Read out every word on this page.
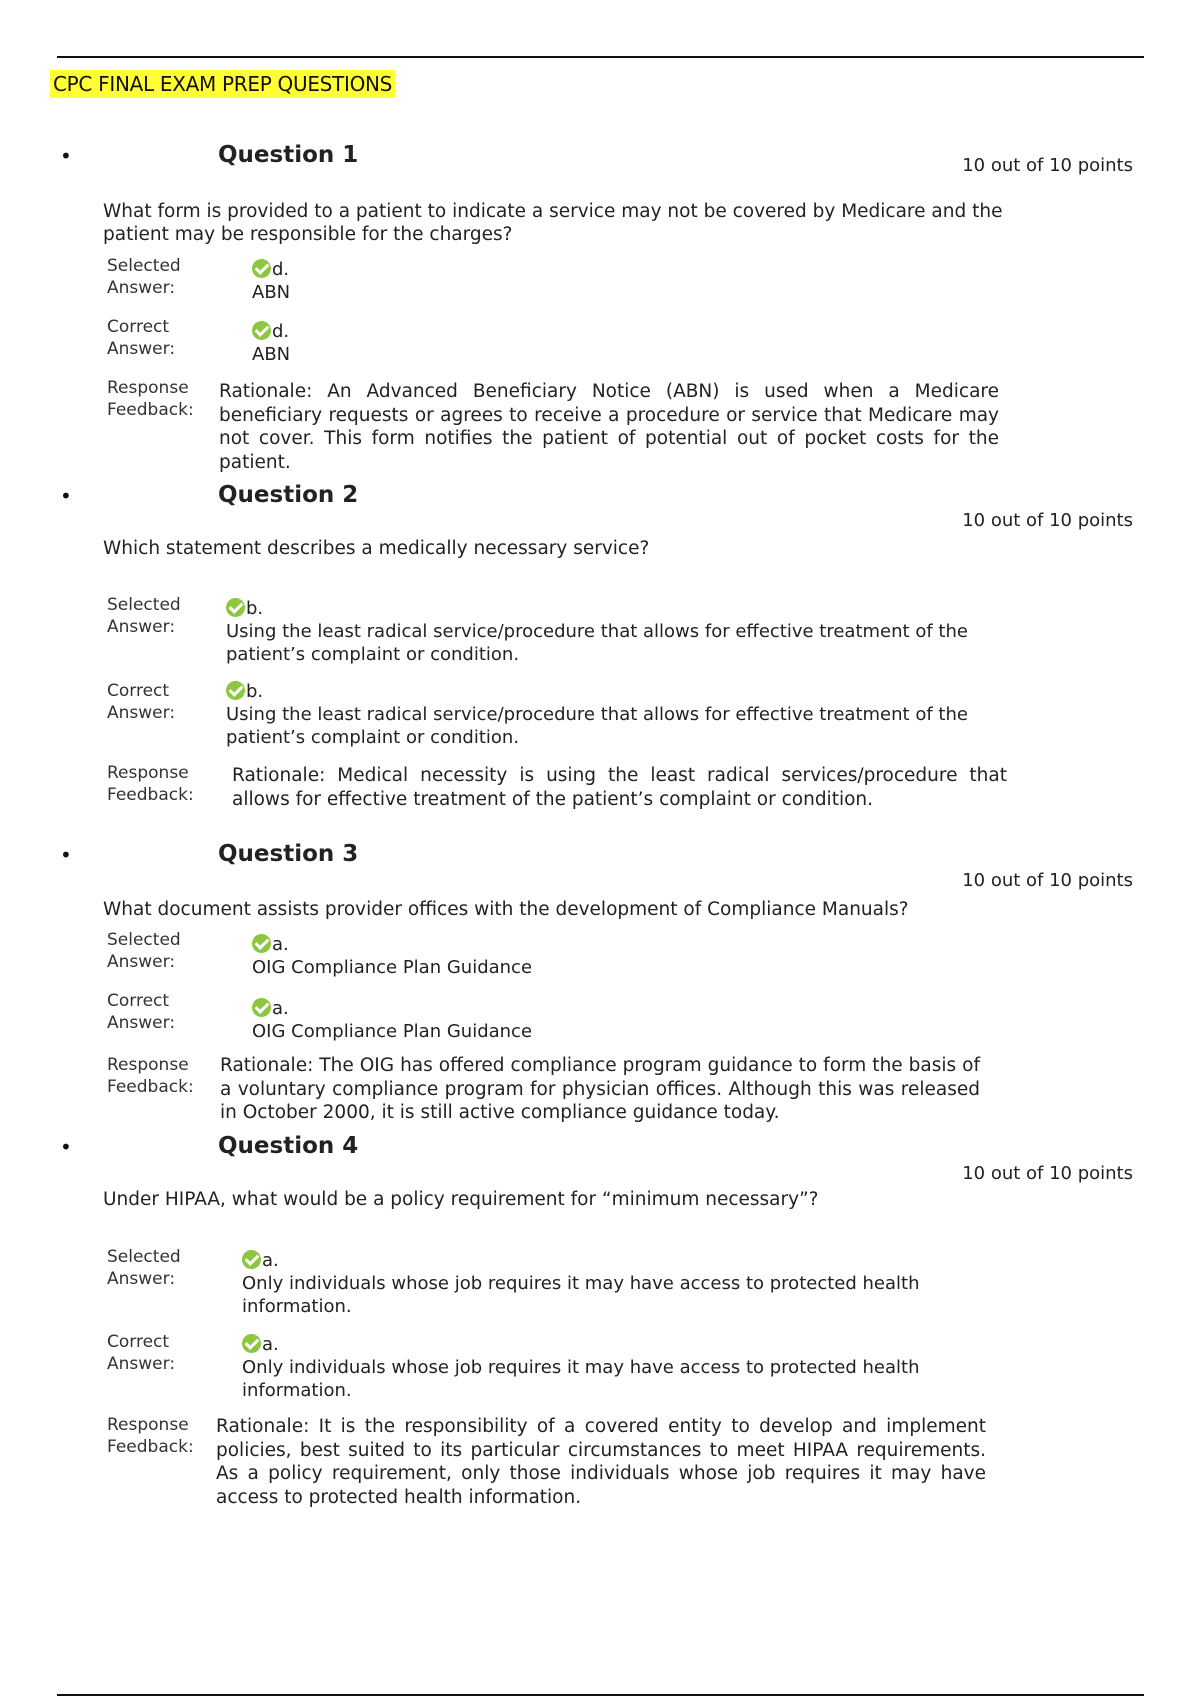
CPC FINAL EXAM PREP QUESTIONS
•	Question 1	10 out of 10 points
What form is provided to a patient to indicate a service may not be covered by Medicare and the patient may be responsible for the charges?
Selected Answer:
d.
ABN
Correct Answer:
d.
ABN
Response Feedback:
Rationale: An Advanced Beneficiary Notice (ABN) is used when a Medicare beneficiary requests or agrees to receive a procedure or service that Medicare may not cover. This form notifies the patient of potential out of pocket costs for the patient.
•	Question 2
10 out of 10 points
Which statement describes a medically necessary service?
Selected Answer:
b.
Using the least radical service/procedure that allows for effective treatment of the patient’s complaint or condition.
Correct Answer:
b.
Using the least radical service/procedure that allows for effective treatment of the patient’s complaint or condition.
Response Feedback:
Rationale: Medical necessity is using the least radical services/procedure that allows for effective treatment of the patient’s complaint or condition.
•	Question 3
10 out of 10 points
What document assists provider offices with the development of Compliance Manuals?
Selected Answer:
a.
OIG Compliance Plan Guidance
Correct Answer:
a.
OIG Compliance Plan Guidance
Response Feedback:
Rationale: The OIG has offered compliance program guidance to form the basis of a voluntary compliance program for physician offices. Although this was released in October 2000, it is still active compliance guidance today.
•	Question 4
10 out of 10 points
Under HIPAA, what would be a policy requirement for “minimum necessary”?
Selected Answer:
a.
Only individuals whose job requires it may have access to protected health information.
Correct Answer:
a.
Only individuals whose job requires it may have access to protected health information.
Response Feedback:
Rationale: It is the responsibility of a covered entity to develop and implement policies, best suited to its particular circumstances to meet HIPAA requirements. As a policy requirement, only those individuals whose job requires it may have access to protected health information.
